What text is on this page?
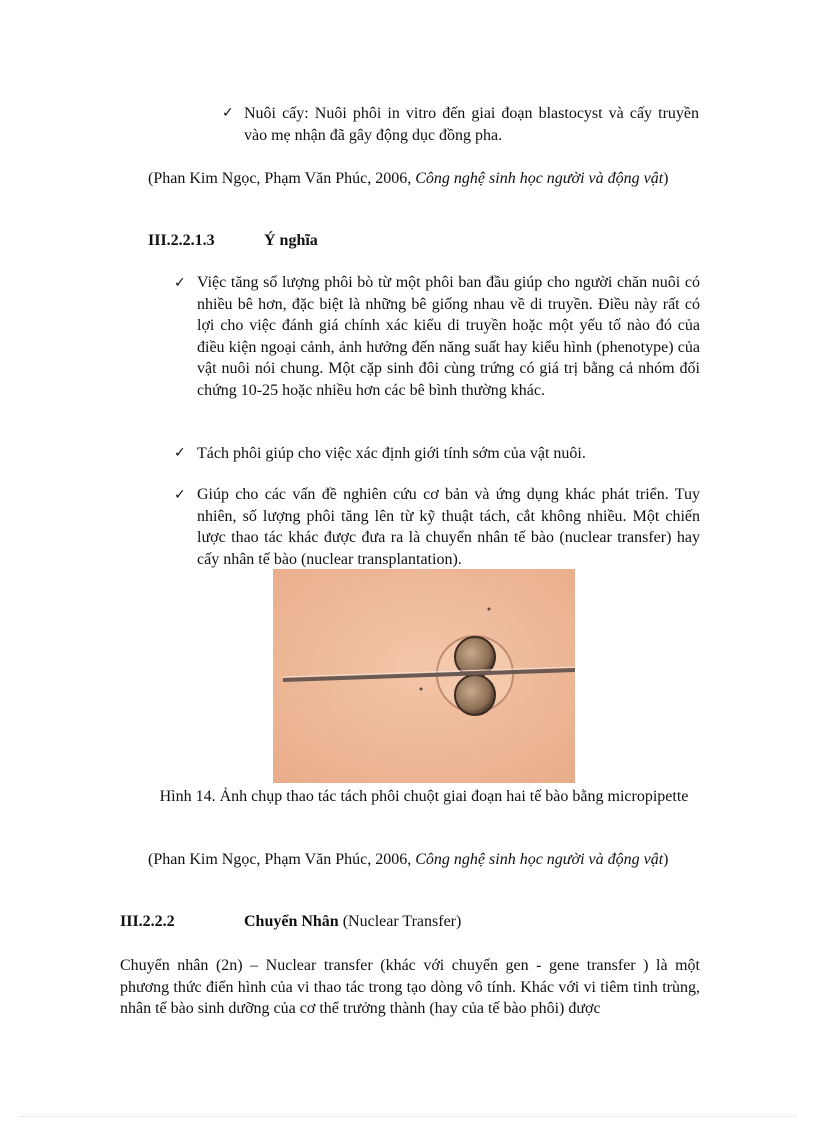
✓ Nuôi cấy: Nuôi phôi in vitro đến giai đoạn blastocyst và cấy truyền vào mẹ nhận đã gây động dục đồng pha.
(Phan Kim Ngọc, Phạm Văn Phúc, 2006, Công nghệ sinh học người và động vật)
III.2.2.1.3	Ý nghĩa
✓ Việc tăng số lượng phôi bò từ một phôi ban đầu giúp cho người chăn nuôi có nhiều bê hơn, đặc biệt là những bê giống nhau về di truyền. Điều này rất có lợi cho việc đánh giá chính xác kiểu di truyền hoặc một yếu tố nào đó của điều kiện ngoại cảnh, ảnh hưởng đến năng suất hay kiểu hình (phenotype) của vật nuôi nói chung. Một cặp sinh đôi cùng trứng có giá trị bằng cả nhóm đối chứng 10-25 hoặc nhiều hơn các bê bình thường khác.
✓ Tách phôi giúp cho việc xác định giới tính sớm của vật nuôi.
✓ Giúp cho các vấn đề nghiên cứu cơ bản và ứng dụng khác phát triển. Tuy nhiên, số lượng phôi tăng lên từ kỹ thuật tách, cắt không nhiều. Một chiến lược thao tác khác được đưa ra là chuyển nhân tế bào (nuclear transfer) hay cấy nhân tế bào (nuclear transplantation).
Hình 14. Ảnh chụp thao tác tách phôi chuột giai đoạn hai tế bào bằng micropipette
(Phan Kim Ngọc, Phạm Văn Phúc, 2006, Công nghệ sinh học người và động vật)
III.2.2.2	Chuyển Nhân (Nuclear Transfer)
Chuyển nhân (2n) – Nuclear transfer (khác với chuyển gen - gene transfer ) là một phương thức điển hình của vi thao tác trong tạo dòng vô tính. Khác với vi tiêm tinh trùng, nhân tế bào sinh dưỡng của cơ thể trưởng thành (hay của tế bào phôi) được
